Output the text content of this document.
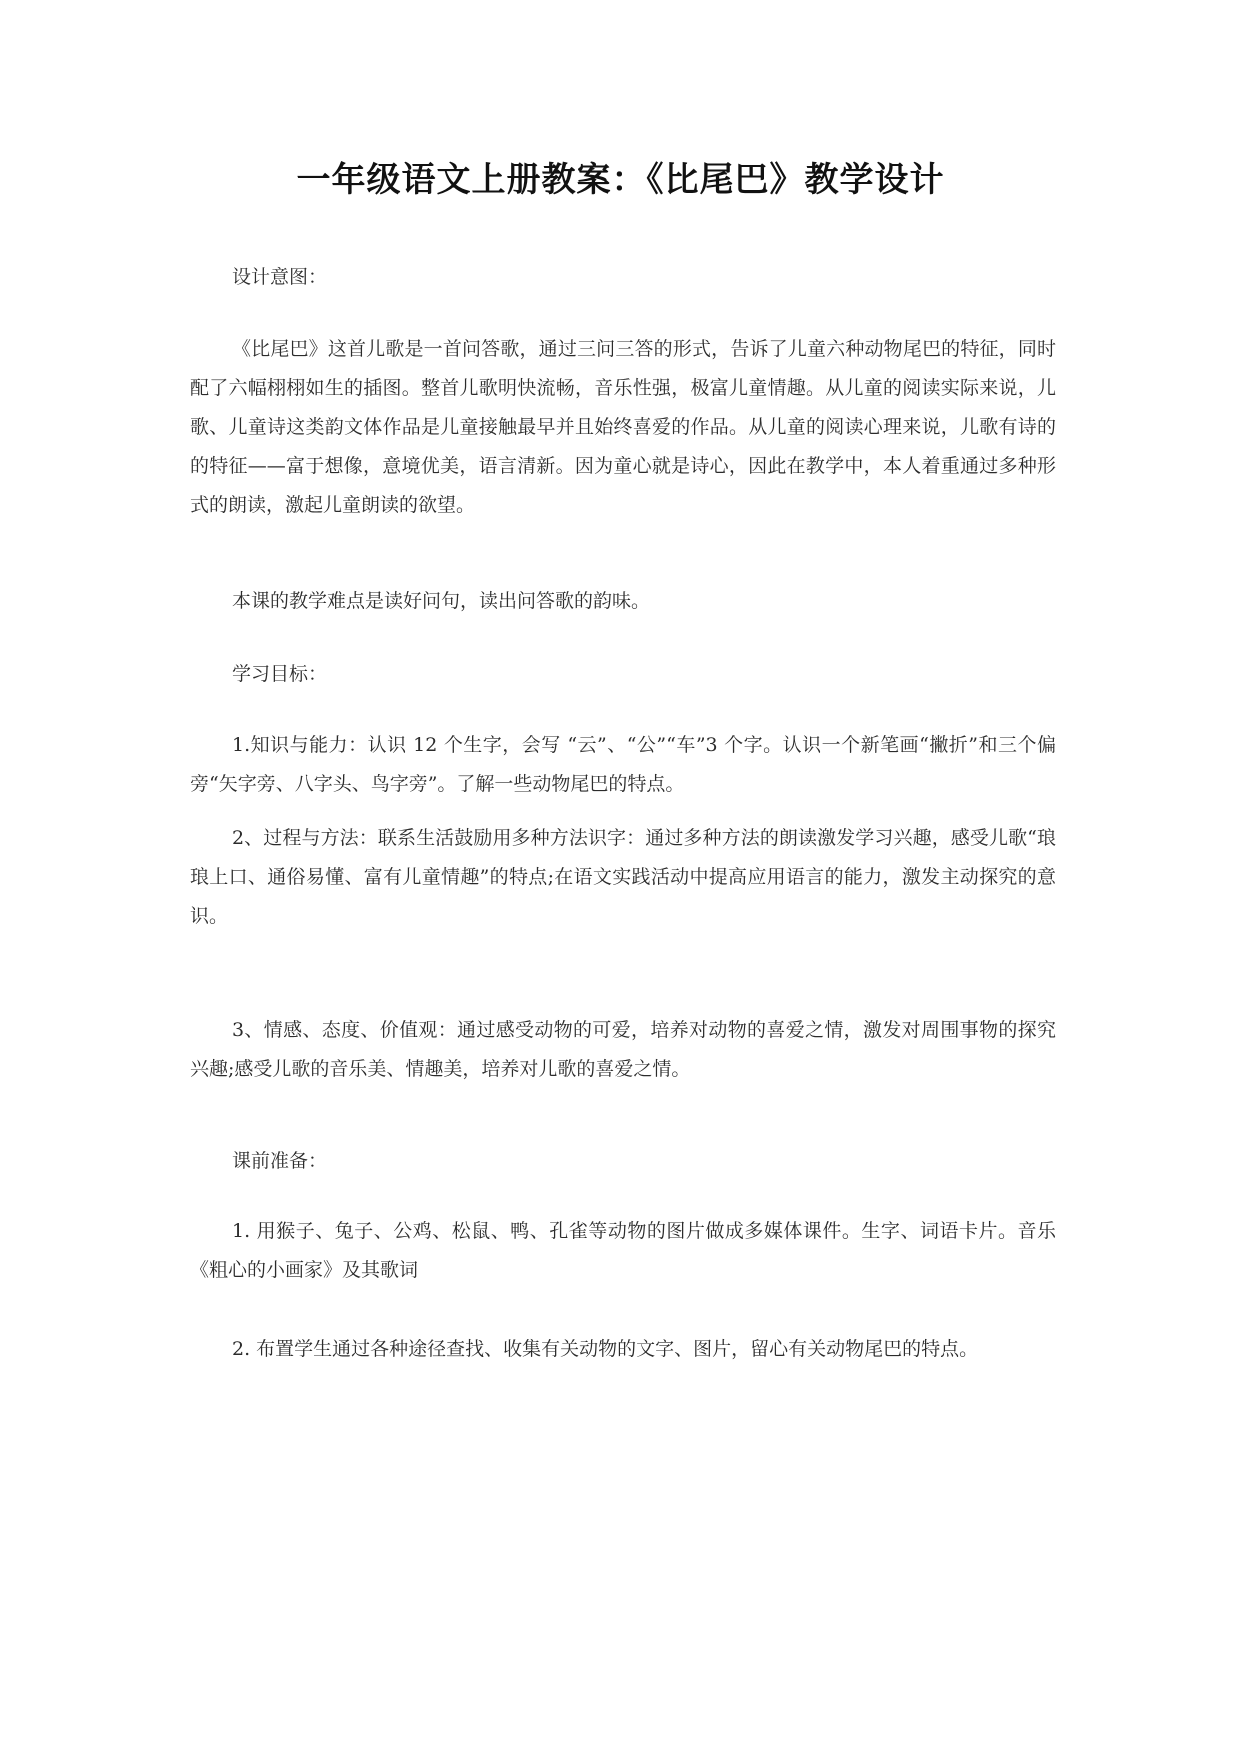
一年级语文上册教案：《比尾巴》教学设计

设计意图：

《比尾巴》这首儿歌是一首问答歌，通过三问三答的形式，告诉了儿童六种动物尾巴的特征，同时配了六幅栩栩如生的插图。整首儿歌明快流畅，音乐性强，极富儿童情趣。从儿童的阅读实际来说，儿歌、儿童诗这类韵文体作品是儿童接触最早并且始终喜爱的作品。从儿童的阅读心理来说，儿歌有诗的的特征——富于想像，意境优美，语言清新。因为童心就是诗心，因此在教学中，本人着重通过多种形式的朗读，激起儿童朗读的欲望。

本课的教学难点是读好问句，读出问答歌的韵味。

学习目标：

1.知识与能力：认识 12 个生字，会写 “云”、“公”“车”3 个字。认识一个新笔画“撇折”和三个偏旁“矢字旁、八字头、鸟字旁”。了解一些动物尾巴的特点。

2、过程与方法：联系生活鼓励用多种方法识字：通过多种方法的朗读激发学习兴趣，感受儿歌“琅琅上口、通俗易懂、富有儿童情趣”的特点;在语文实践活动中提高应用语言的能力，激发主动探究的意识。

3、情感、态度、价值观：通过感受动物的可爱，培养对动物的喜爱之情，激发对周围事物的探究兴趣;感受儿歌的音乐美、情趣美，培养对儿歌的喜爱之情。

课前准备：

1. 用猴子、兔子、公鸡、松鼠、鸭、孔雀等动物的图片做成多媒体课件。生字、词语卡片。音乐《粗心的小画家》及其歌词

2. 布置学生通过各种途径查找、收集有关动物的文字、图片，留心有关动物尾巴的特点。
